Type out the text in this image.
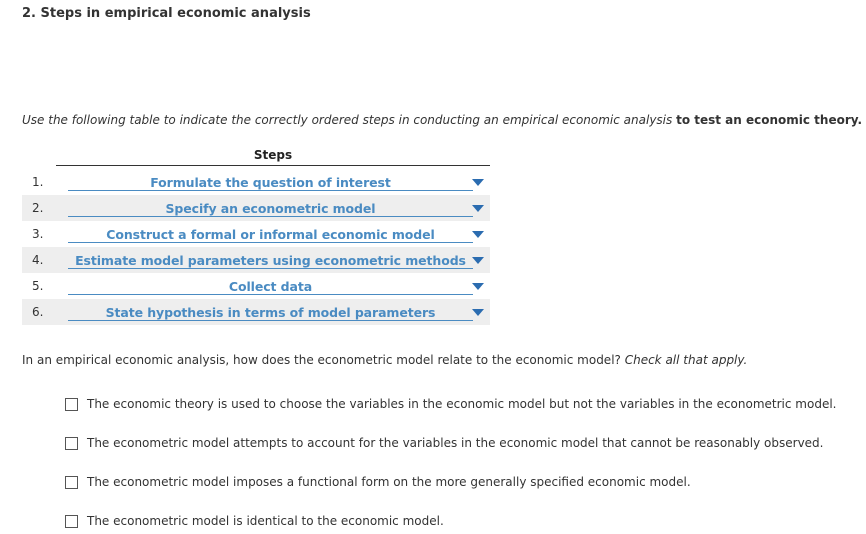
2. Steps in empirical economic analysis
Use the following table to indicate the correctly ordered steps in conducting an empirical economic analysis to test an economic theory.
Steps
1.	Formulate the question of interest
2.	Specify an econometric model
3.	Construct a formal or informal economic model
4.	Estimate model parameters using econometric methods
5.	Collect data
6.	State hypothesis in terms of model parameters
In an empirical economic analysis, how does the econometric model relate to the economic model? Check all that apply.
The economic theory is used to choose the variables in the economic model but not the variables in the econometric model.
The econometric model attempts to account for the variables in the economic model that cannot be reasonably observed.
The econometric model imposes a functional form on the more generally specified economic model.
The econometric model is identical to the economic model.
